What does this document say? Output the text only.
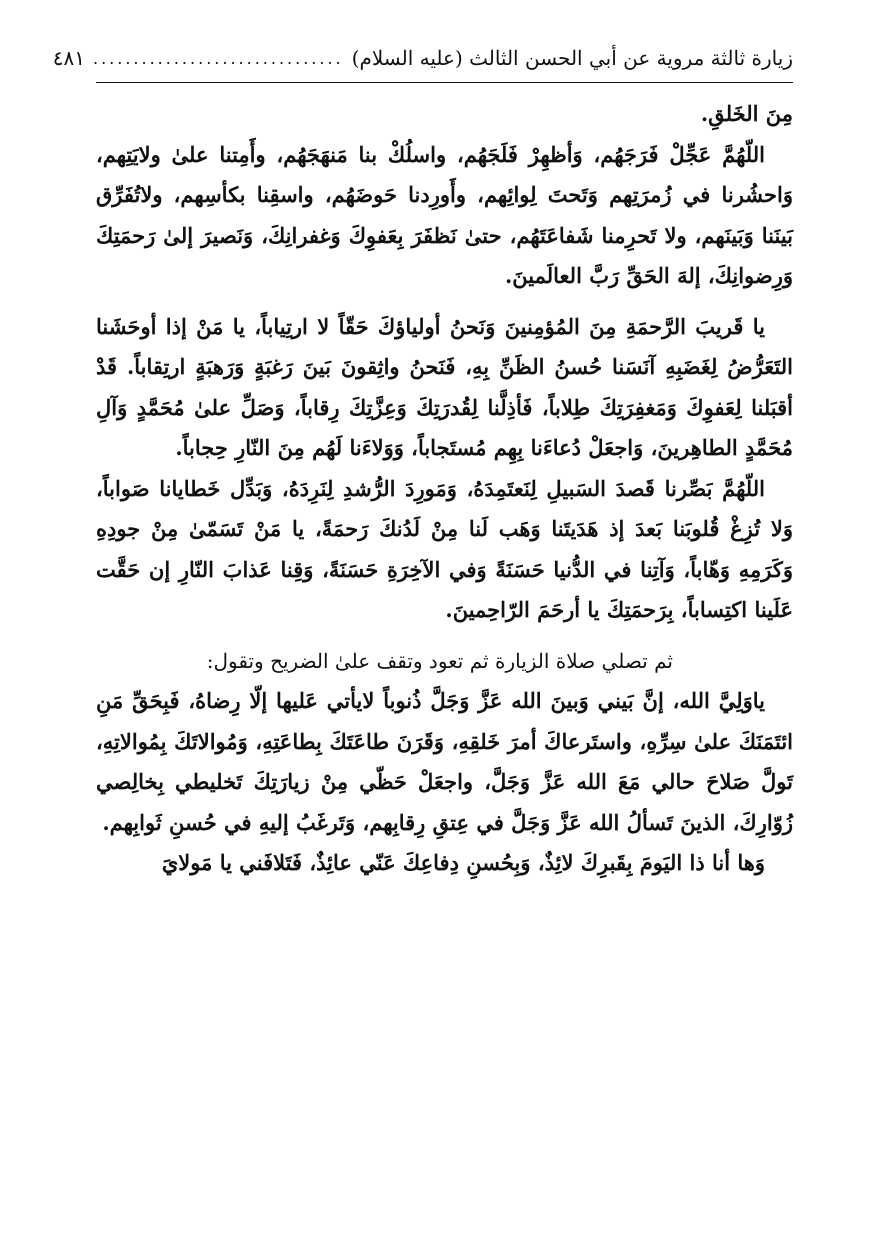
زيارة ثالثة مروية عن أبي الحسن الثالث (عليه السلام)
...............................
٤٨١

مِنَ الخَلقِ.

اللّهُمَّ عَجِّلْ فَرَجَهُم، وَأظهِرْ فَلَجَهُم، واسلُكْ بنا مَنهَجَهُم، وأَمِتنا علىٰ ولايَتِهم، وَاحشُرنا في زُمرَتِهم وَتَحتَ لِوائِهم، وأَورِدنا حَوضَهُم، واسقِنا بكأسِهم، ولاتُفَرِّق بَينَنا وَبَينَهم، ولا تَحرِمنا شَفاعَتَهُم، حتىٰ نَظفَرَ بِعَفوِكَ وَغفرانِكَ، وَنَصيرَ إلىٰ رَحمَتِكَ وَرِضوانِكَ، إلهَ الحَقِّ رَبَّ العالَمينَ.

يا قَريبَ الرَّحمَةِ مِنَ المُؤمِنينَ وَنَحنُ أولياؤكَ حَقّاً لا ارتِياباً، يا مَنْ إذا أوحَشَنا التَعَرُّضُ لِغَضَبِهِ آنَسَنا حُسنُ الظَنِّ بِهِ، فَنَحنُ واثِقونَ بَينَ رَغبَةٍ وَرَهبَةٍ ارتِقاباً. قَدْ أقبَلنا لِعَفوِكَ وَمَغفِرَتِكَ طِلاباً، فَأذِلَّنا لِقُدرَتِكَ وَعِزَّتِكَ رِقاباً، وَصَلِّ علىٰ مُحَمَّدٍ وَآلِ مُحَمَّدٍ الطاهِرينَ، وَاجعَلْ دُعاءَنا بِهِم مُستَجاباً، وَوَلاءَنا لَهُم مِنَ النّارِ حِجاباً.

اللّهُمَّ بَصِّرنا قَصدَ السَبيلِ لِنَعتَمِدَهُ، وَمَورِدَ الرُّشدِ لِنَرِدَهُ، وَبَدِّل خَطايانا صَواباً، وَلا تُزِغْ قُلوبَنا بَعدَ إذ هَدَيتَنا وَهَب لَنا مِنْ لَدُنكَ رَحمَةً، يا مَنْ تَسَمّىٰ مِنْ جودِهِ وَكَرَمِهِ وَهّاباً، وَآتِنا في الدُّنيا حَسَنَةً وَفي الآخِرَةِ حَسَنَةً، وَقِنا عَذابَ النّارِ إن حَقَّت عَلَينا اكتِساباً، بِرَحمَتِكَ يا أرحَمَ الرّاحِمينَ.

ثم تصلي صلاة الزيارة ثم تعود وتقف علىٰ الضريح وتقول:

ياوَلِيَّ الله، إنَّ بَيني وَبينَ الله عَزَّ وَجَلَّ ذُنوباً لايأتي عَليها إلّا رِضاهُ، فَبِحَقِّ مَنِ ائتَمَنَكَ علىٰ سِرِّهِ، واستَرعاكَ أمرَ خَلقِهِ، وَقَرَنَ طاعَتَكَ بِطاعَتِهِ، وَمُوالاتَكَ بِمُوالاتِهِ، تَولَّ صَلاحَ حالي مَعَ الله عَزَّ وَجَلَّ، واجعَلْ حَظّي مِنْ زيارَتِكَ تَخليطي بِخالِصي زُوّارِكَ، الذينَ تَسألُ الله عَزَّ وَجَلَّ في عِتقِ رِقابِهم، وَتَرغَبُ إليهِ في حُسنِ ثَوابِهم.

وَها أنا ذا اليَومَ بِقَبرِكَ لائِذٌ، وَبِحُسنِ دِفاعِكَ عَنّي عائِذٌ، فَتَلافَني يا مَولايَ
